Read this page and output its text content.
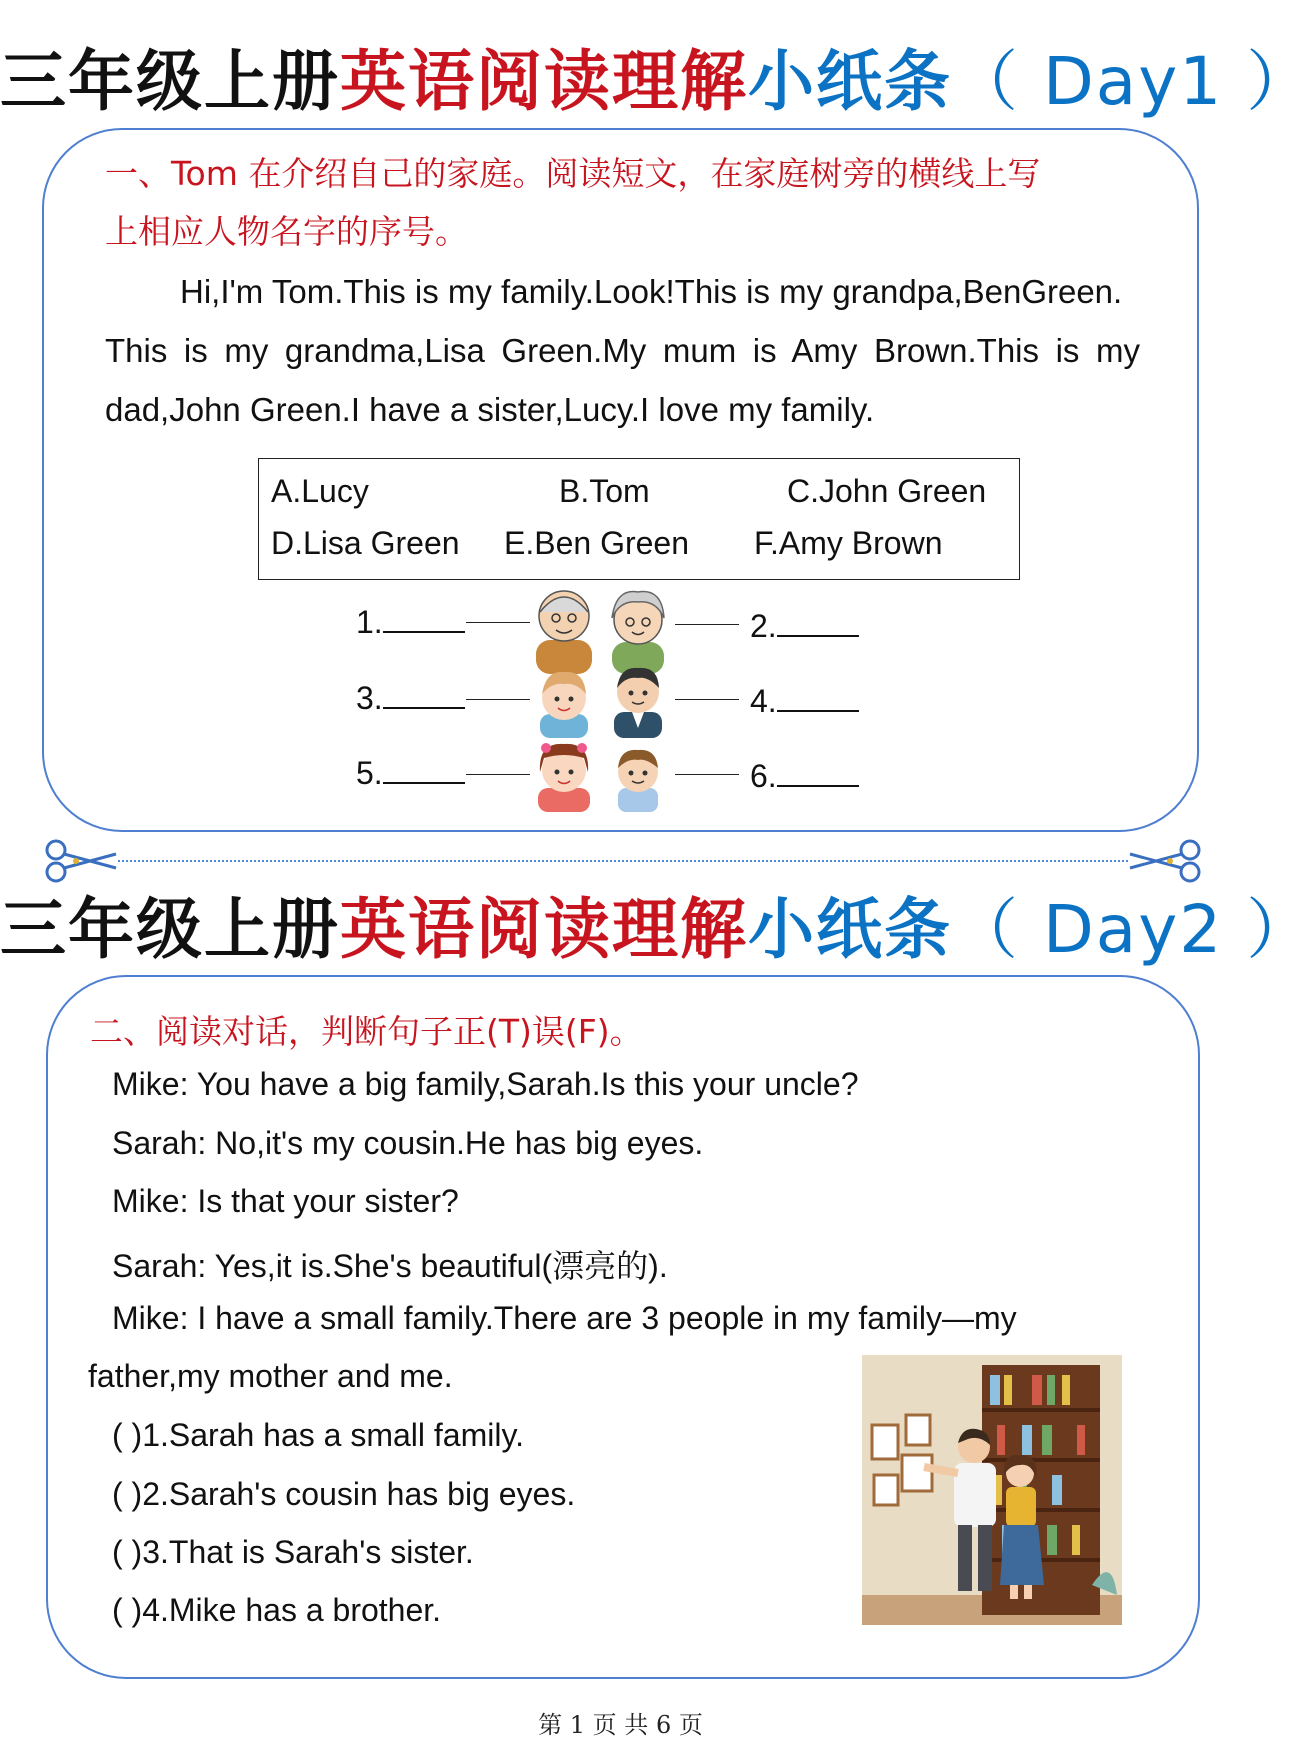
三年级上册英语阅读理解小纸条（ Day1 ）
一、Tom 在介绍自己的家庭。阅读短文，在家庭树旁的横线上写
上相应人物名字的序号。
Hi,I'm Tom.This is my family.Look!This is my grandpa,BenGreen.
This is my grandma,Lisa Green.My mum is Amy Brown.This is my
dad,John Green.I have a sister,Lucy.I love my family.
A.Lucy	B.Tom	C.John Green
D.Lisa Green E.Ben Green F.Amy Brown
1.	2.
3.	4.
5.	6.
三年级上册英语阅读理解小纸条（ Day2 ）
二、阅读对话，判断句子正(T)误(F)。
Mike: You have a big family,Sarah.Is this your uncle?
Sarah: No,it's my cousin.He has big eyes.
Mike: Is that your sister?
Sarah: Yes,it is.She's beautiful(漂亮的).
Mike: I have a small family.There are 3 people in my family—my
father,my mother and me.
( )1.Sarah has a small family.
( )2.Sarah's cousin has big eyes.
( )3.That is Sarah's sister.
( )4.Mike has a brother.
第 1 页 共 6 页
